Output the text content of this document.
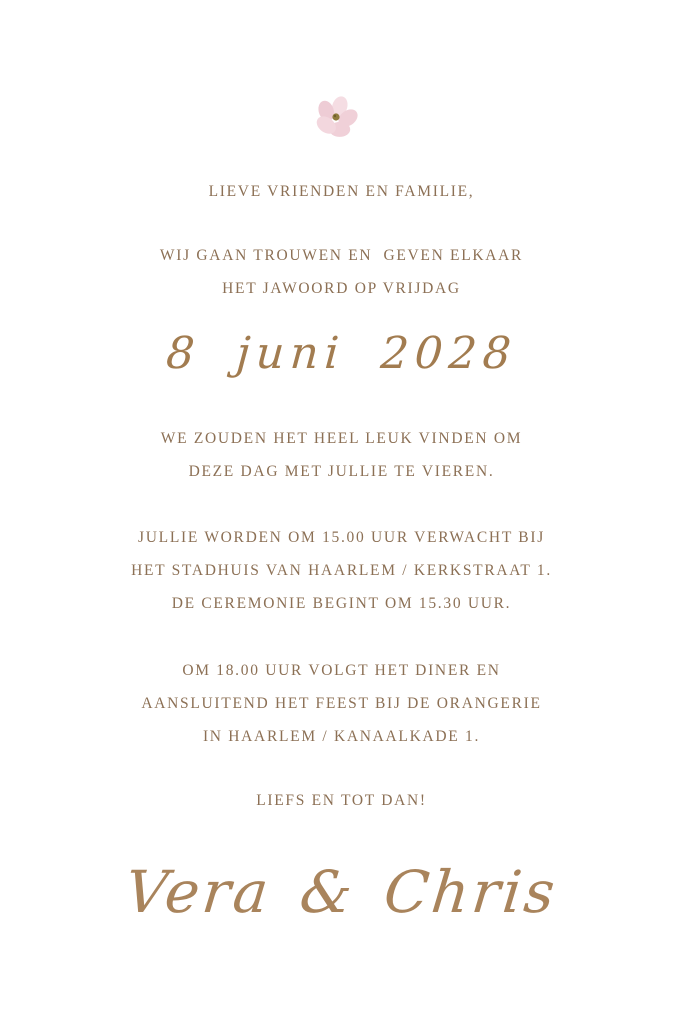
LIEVE VRIENDEN EN FAMILIE,
WIJ GAAN TROUWEN EN  GEVEN ELKAAR
HET JAWOORD OP VRIJDAG
8 juni 2028
WE ZOUDEN HET HEEL LEUK VINDEN OM
DEZE DAG MET JULLIE TE VIEREN.
JULLIE WORDEN OM 15.00 UUR VERWACHT BIJ
HET STADHUIS VAN HAARLEM / KERKSTRAAT 1.
DE CEREMONIE BEGINT OM 15.30 UUR.
OM 18.00 UUR VOLGT HET DINER EN
AANSLUITEND HET FEEST BIJ DE ORANGERIE
IN HAARLEM / KANAALKADE 1.
LIEFS EN TOT DAN!
Vera & Chris
